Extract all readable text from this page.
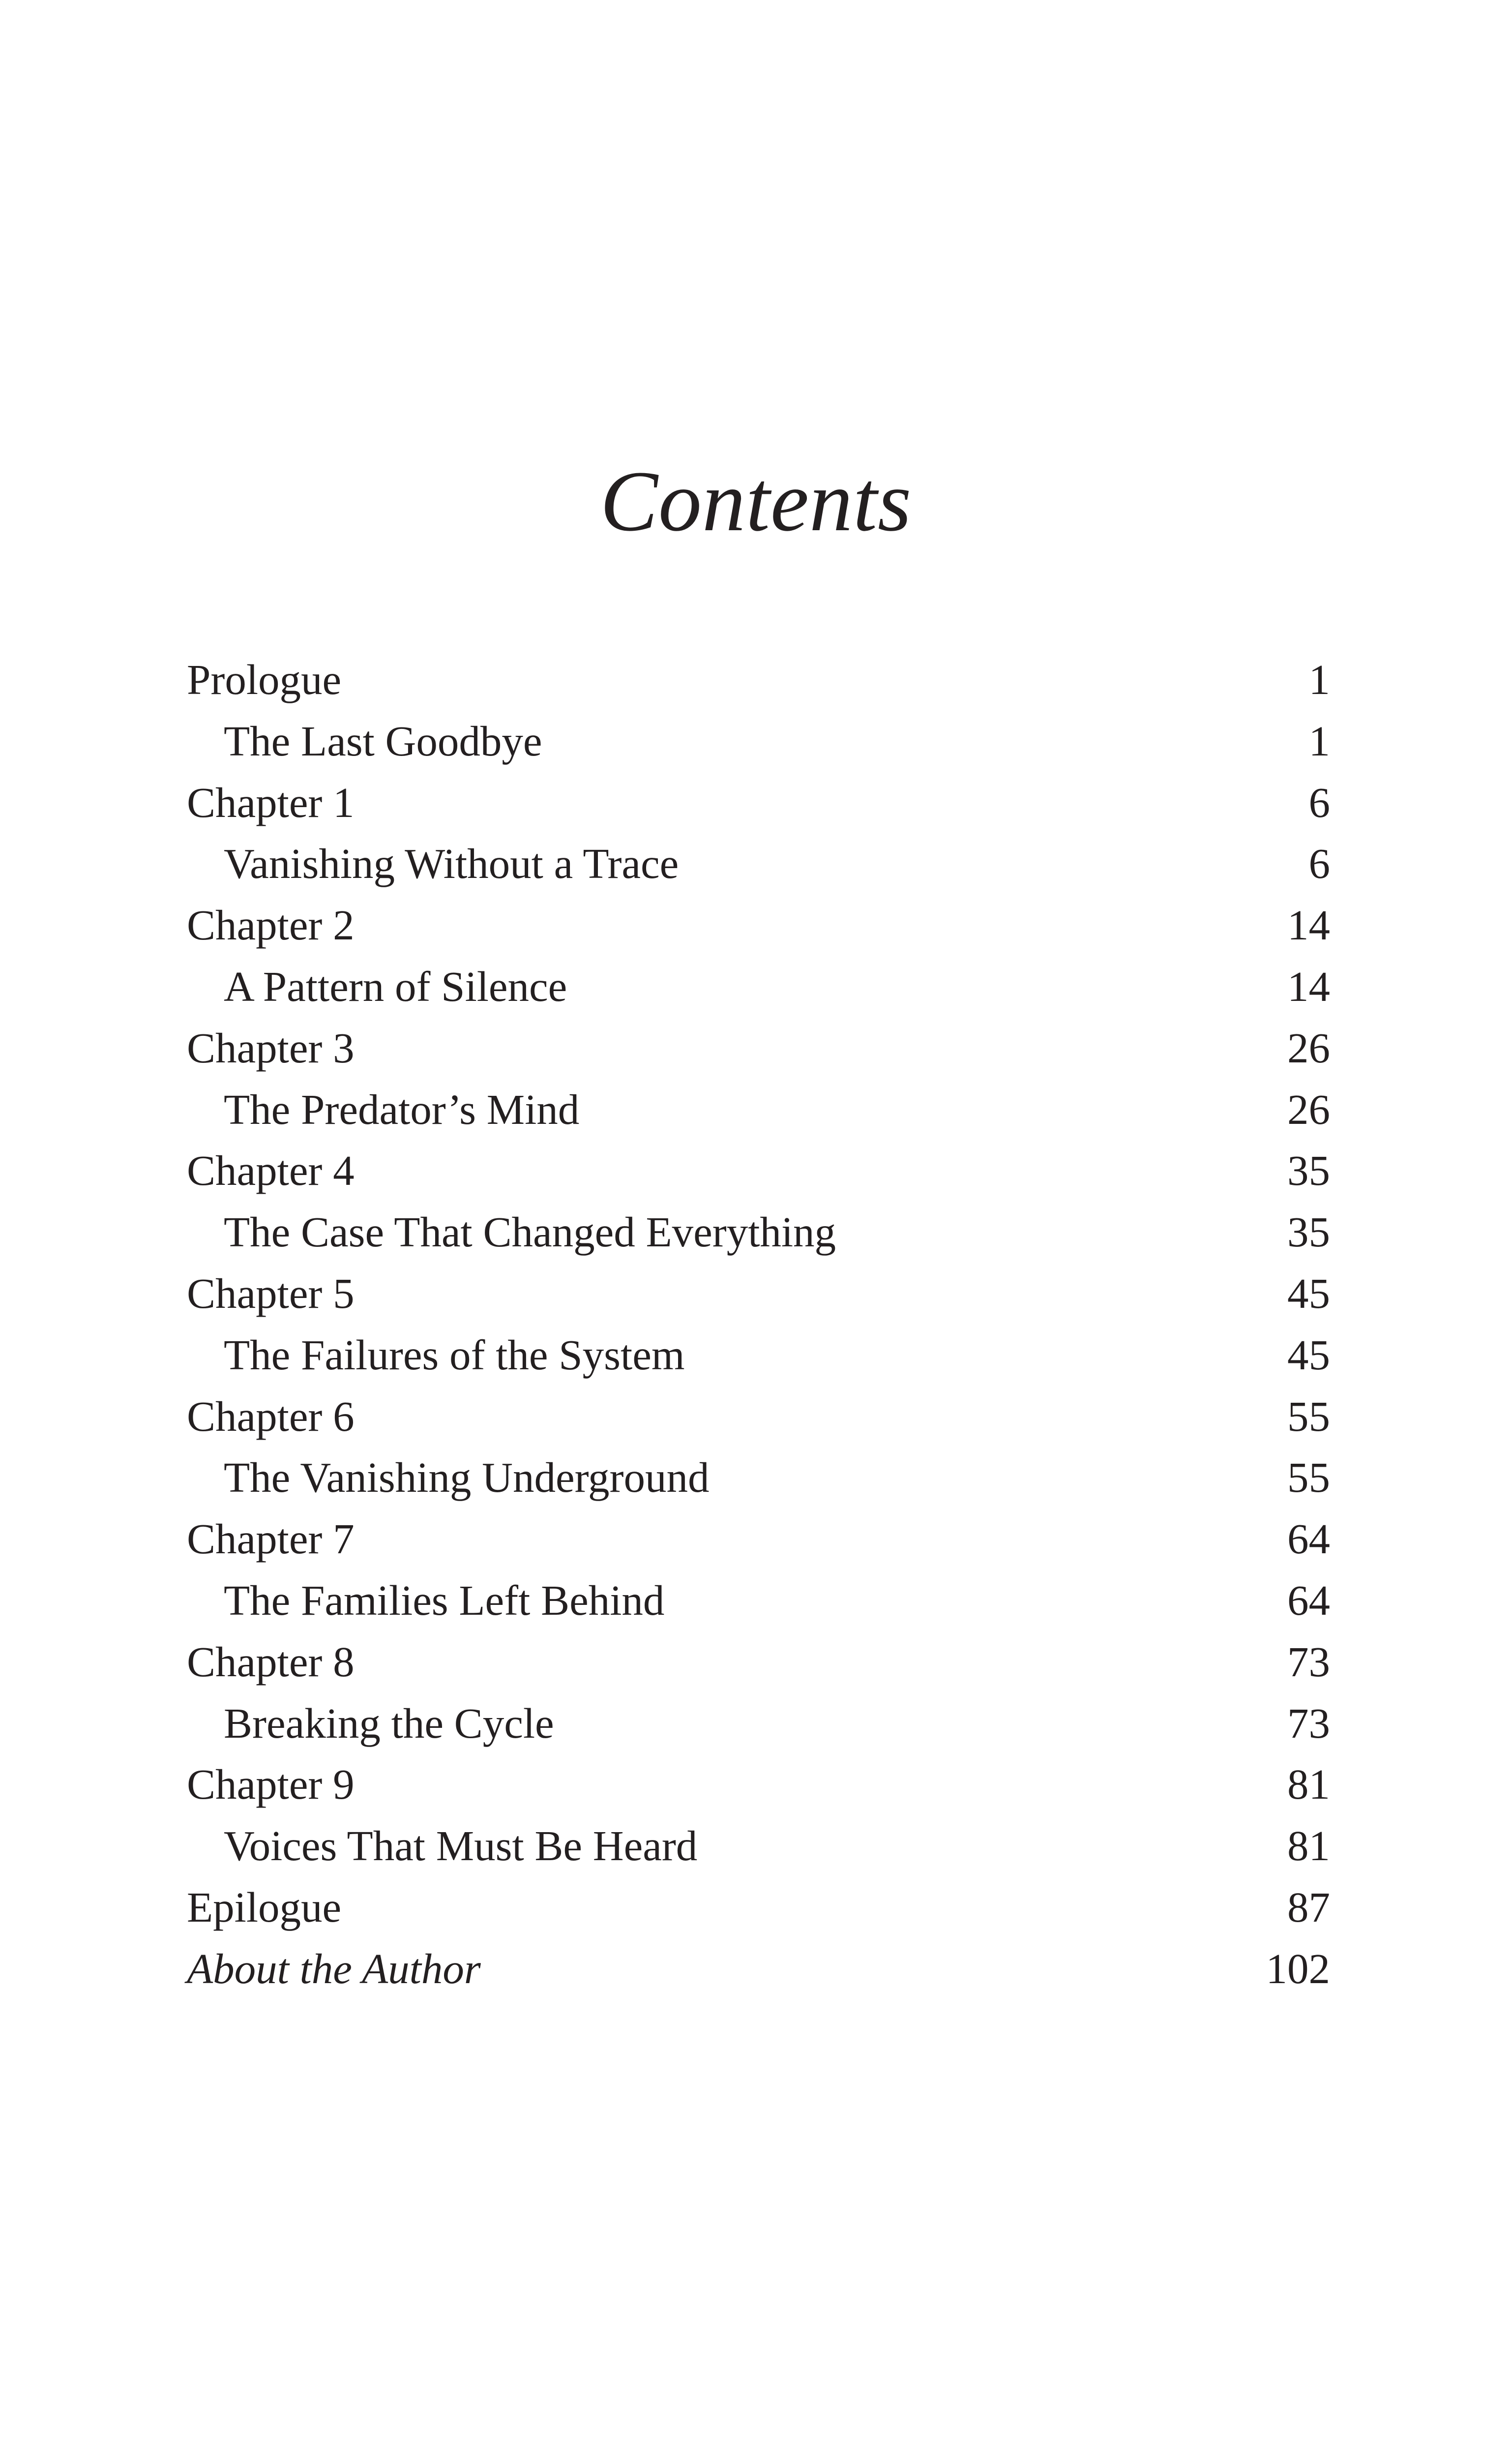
Contents
Prologue	1
The Last Goodbye	1
Chapter 1	6
Vanishing Without a Trace	6
Chapter 2	14
A Pattern of Silence	14
Chapter 3	26
The Predator’s Mind	26
Chapter 4	35
The Case That Changed Everything	35
Chapter 5	45
The Failures of the System	45
Chapter 6	55
The Vanishing Underground	55
Chapter 7	64
The Families Left Behind	64
Chapter 8	73
Breaking the Cycle	73
Chapter 9	81
Voices That Must Be Heard	81
Epilogue	87
About the Author	102
